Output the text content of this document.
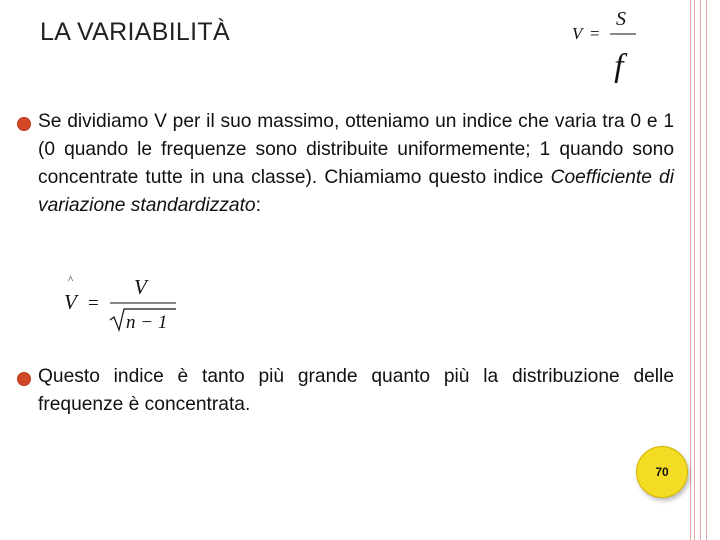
LA VARIABILITÀ	V =
S
f
Se dividiamo V per il suo massimo, otteniamo un indice che varia tra 0 e 1 (0 quando le frequenze sono distribuite uniformemente; 1 quando sono concentrate tutte in una classe). Chiamiamo questo indice Coefficiente di variazione standardizzato:
^
V =
V
n − 1
Questo indice è tanto più grande quanto più la distribuzione delle frequenze è concentrata.
70
